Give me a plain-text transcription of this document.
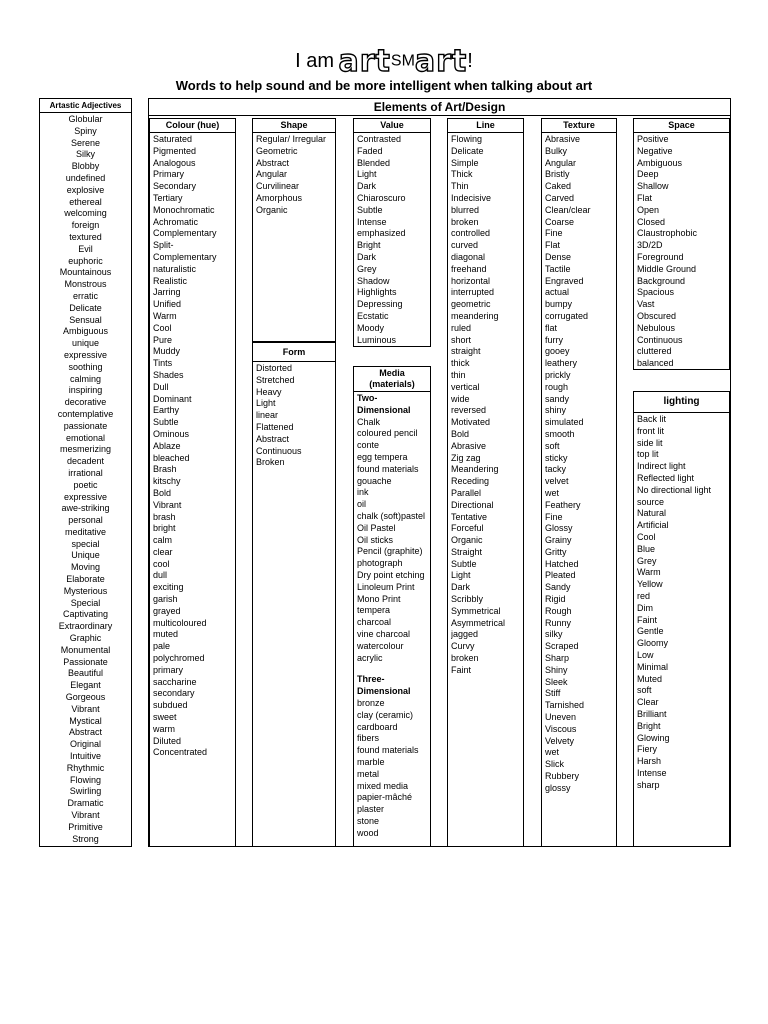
I am artSMart!
Words to help sound and be more intelligent when talking about art
Artastic Adjectives
Globular
Spiny
Serene
Silky
Blobby
undefined
explosive
ethereal
welcoming
foreign
textured
Evil
euphoric
Mountainous
Monstrous
erratic
Delicate
Sensual
Ambiguous
unique
expressive
soothing
calming
inspiring
decorative
contemplative
passionate
emotional
mesmerizing
decadent
irrational
poetic
expressive
awe-striking
personal
meditative
special
Unique
Moving
Elaborate
Mysterious
Special
Captivating
Extraordinary
Graphic
Monumental
Passionate
Beautiful
Elegant
Gorgeous
Vibrant
Mystical
Abstract
Original
Intuitive
Rhythmic
Flowing
Swirling
Dramatic
Vibrant
Primitive
Strong
Elements of Art/Design
Colour (hue)
Saturated
Pigmented
Analogous
Primary
Secondary
Tertiary
Monochromatic
Achromatic
Complementary
Split-
Complementary
naturalistic
Realistic
Jarring
Unified
Warm
Cool
Pure
Muddy
Tints
Shades
Dull
Dominant
Earthy
Subtle
Ominous
Ablaze
bleached
Brash
kitschy
Bold
Vibrant
brash
bright
calm
clear
cool
dull
exciting
garish
grayed
multicoloured
muted
pale
polychromed
primary
saccharine
secondary
subdued
sweet
warm
Diluted
Concentrated
Shape
Regular/ Irregular
Geometric
Abstract
Angular
Curvilinear
Amorphous
Organic
Form
Distorted
Stretched
Heavy
Light
linear
Flattened
Abstract
Continuous
Broken
Value
Contrasted
Faded
Blended
Light
Dark
Chiaroscuro
Subtle
Intense
emphasized
Bright
Dark
Grey
Shadow
Highlights
Depressing
Ecstatic
Moody
Luminous
Media
(materials)
Two-Dimensional
Chalk
coloured pencil
conte
egg tempera
found materials
gouache
ink
oil
chalk (soft)pastel
Oil Pastel
Oil sticks
Pencil (graphite)
photograph
Dry point etching
Linoleum Print
Mono Print
tempera
charcoal
vine charcoal
watercolour
acrylic
Three-
Dimensional
bronze
clay (ceramic)
cardboard
fibers
found materials
marble
metal
mixed media
papier-mâché
plaster
stone
wood
Line
Flowing
Delicate
Simple
Thick
Thin
Indecisive
blurred
broken
controlled
curved
diagonal
freehand
horizontal
interrupted
geometric
meandering
ruled
short
straight
thick
thin
vertical
wide
reversed
Motivated
Bold
Abrasive
Zig zag
Meandering
Receding
Parallel
Directional
Tentative
Forceful
Organic
Straight
Subtle
Light
Dark
Scribbly
Symmetrical
Asymmetrical
jagged
Curvy
broken
Faint
Texture
Abrasive
Bulky
Angular
Bristly
Caked
Carved
Clean/clear
Coarse
Fine
Flat
Dense
Tactile
Engraved
actual
bumpy
corrugated
flat
furry
gooey
leathery
prickly
rough
sandy
shiny
simulated
smooth
soft
sticky
tacky
velvet
wet
Feathery
Fine
Glossy
Grainy
Gritty
Hatched
Pleated
Sandy
Rigid
Rough
Runny
silky
Scraped
Sharp
Shiny
Sleek
Stiff
Tarnished
Uneven
Viscous
Velvety
wet
Slick
Rubbery
glossy
Space
Positive
Negative
Ambiguous
Deep
Shallow
Flat
Open
Closed
Claustrophobic
3D/2D
Foreground
Middle Ground
Background
Spacious
Vast
Obscured
Nebulous
Continuous
cluttered
balanced
lighting
Back lit
front lit
side lit
top lit
Indirect light
Reflected light
No directional light
source
Natural
Artificial
Cool
Blue
Grey
Warm
Yellow
red
Dim
Faint
Gentle
Gloomy
Low
Minimal
Muted
soft
Clear
Brilliant
Bright
Glowing
Fiery
Harsh
Intense
sharp
